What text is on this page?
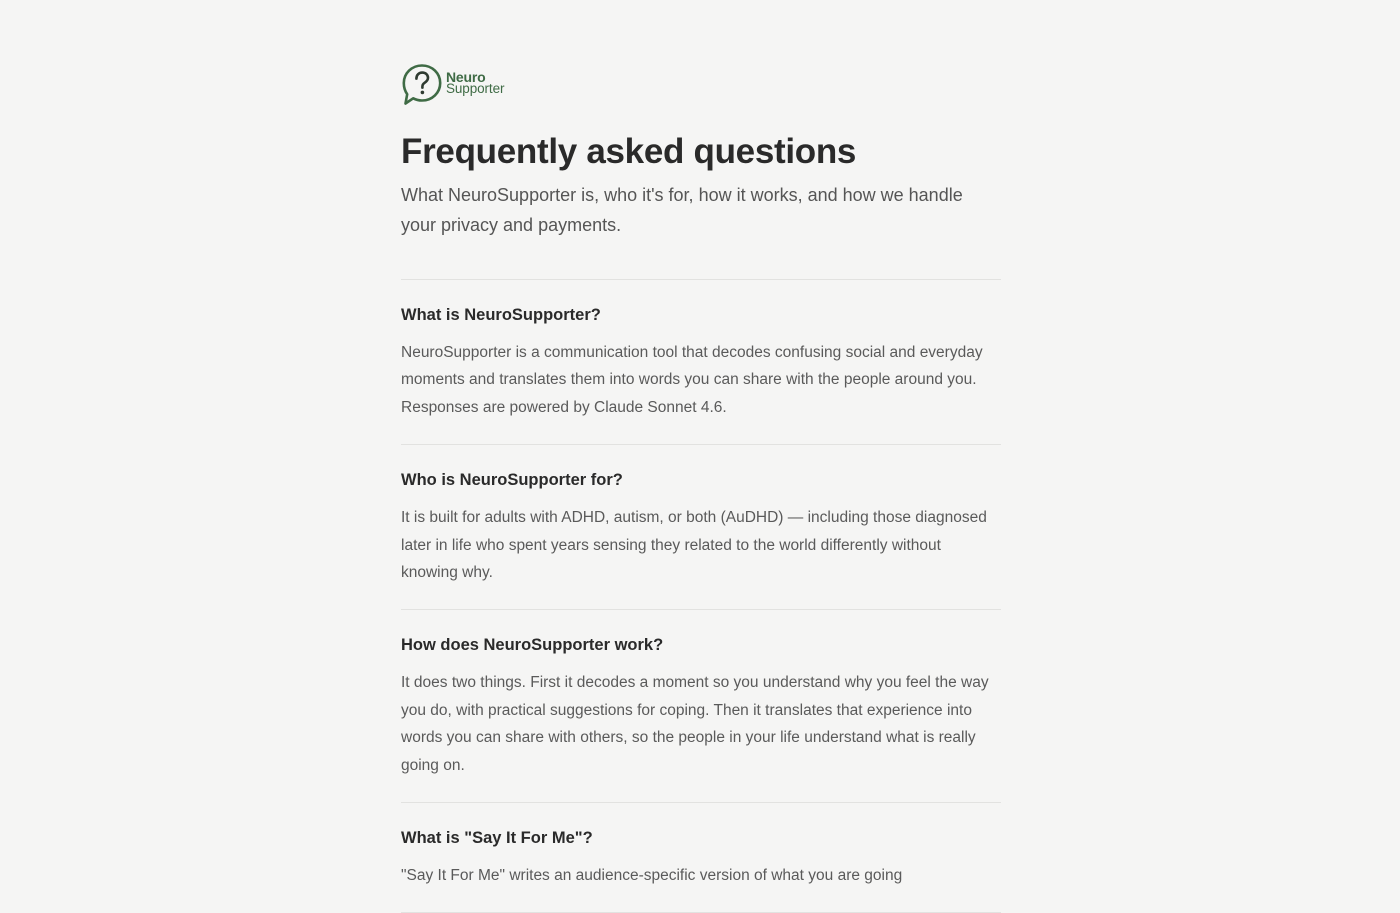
Neuro
Supporter
Frequently asked questions

What NeuroSupporter is, who it's for, how it works, and how we handle your privacy and payments.

What is NeuroSupporter?

NeuroSupporter is a communication tool that decodes confusing social and everyday moments and translates them into words you can share with the people around you. Responses are powered by Claude Sonnet 4.6.

Who is NeuroSupporter for?

It is built for adults with ADHD, autism, or both (AuDHD) — including those diagnosed later in life who spent years sensing they related to the world differently without knowing why.

How does NeuroSupporter work?

It does two things. First it decodes a moment so you understand why you feel the way you do, with practical suggestions for coping. Then it translates that experience into words you can share with others, so the people in your life understand what is really going on.

What is "Say It For Me"?

"Say It For Me" writes an audience-specific version of what you are going
